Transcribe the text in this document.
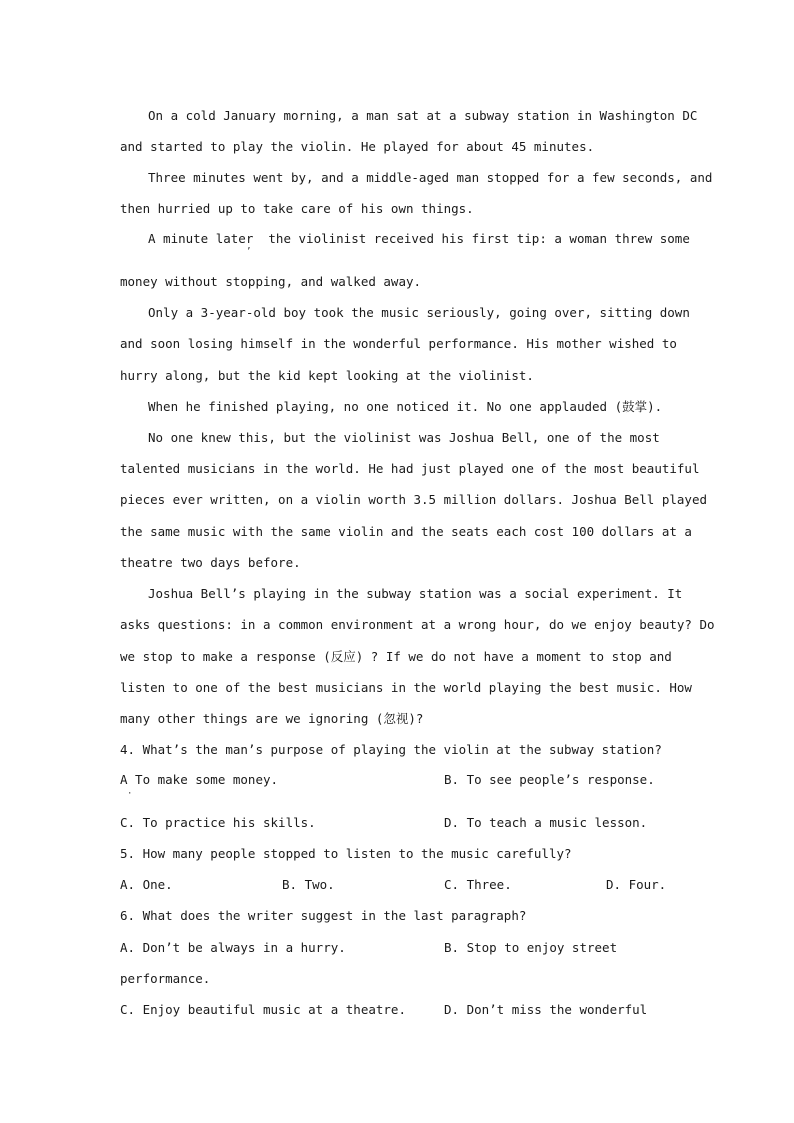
On a cold January morning, a man sat at a subway station in Washington DC
and started to play the violin. He played for about 45 minutes.
Three minutes went by, and a middle-aged man stopped for a few seconds, and
then hurried up to take care of his own things.
A minute later  the violinist received his first tip: a woman threw some
’
money without stopping, and walked away.
Only a 3-year-old boy took the music seriously, going over, sitting down
and soon losing himself in the wonderful performance. His mother wished to
hurry along, but the kid kept looking at the violinist.
When he finished playing, no one noticed it. No one applauded (鼓掌).
No one knew this, but the violinist was Joshua Bell, one of the most
talented musicians in the world. He had just played one of the most beautiful
pieces ever written, on a violin worth 3.5 million dollars. Joshua Bell played
the same music with the same violin and the seats each cost 100 dollars at a
theatre two days before.
Joshua Bell’s playing in the subway station was a social experiment. It
asks questions: in a common environment at a wrong hour, do we enjoy beauty? Do
we stop to make a response (反应) ? If we do not have a moment to stop and
listen to one of the best musicians in the world playing the best music. How
many other things are we ignoring (忽视)?
4. What’s the man’s purpose of playing the violin at the subway station?
A To make some money.
·
B. To see people’s response.
C. To practice his skills.	D. To teach a music lesson.
5. How many people stopped to listen to the music carefully?
A. One.	B. Two.	C. Three.	D. Four.
6. What does the writer suggest in the last paragraph?
A. Don’t be always in a hurry.	B. Stop to enjoy street
performance.
C. Enjoy beautiful music at a theatre.	D. Don’t miss the wonderful
